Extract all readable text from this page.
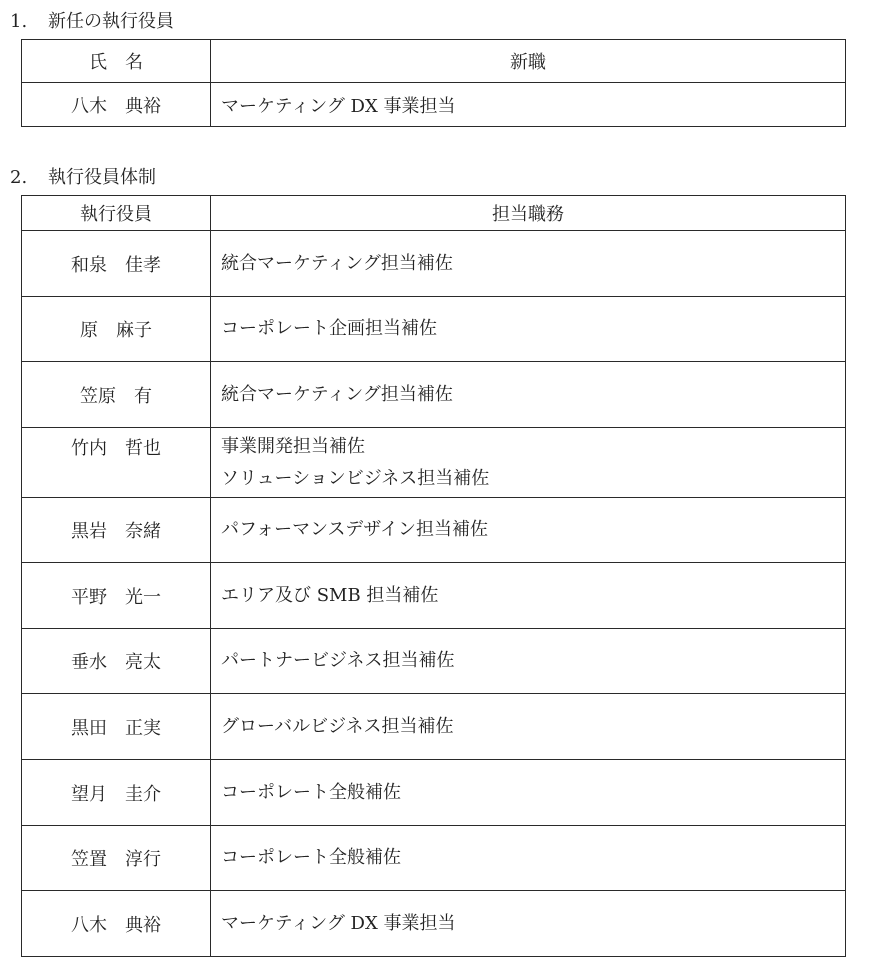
1. 新任の執行役員
氏　名	新職
八木　典裕	マーケティング DX 事業担当
2. 執行役員体制
執行役員	担当職務
和泉　佳孝	統合マーケティング担当補佐

原　麻子	コーポレート企画担当補佐

笠原　有	統合マーケティング担当補佐

竹内　哲也	事業開発担当補佐
ソリューションビジネス担当補佐

黒岩　奈緒	パフォーマンスデザイン担当補佐

平野　光一	エリア及び SMB 担当補佐

垂水　亮太	パートナービジネス担当補佐

黒田　正実	グローバルビジネス担当補佐

望月　圭介	コーポレート全般補佐

笠置　淳行	コーポレート全般補佐

八木　典裕	マーケティング DX 事業担当
